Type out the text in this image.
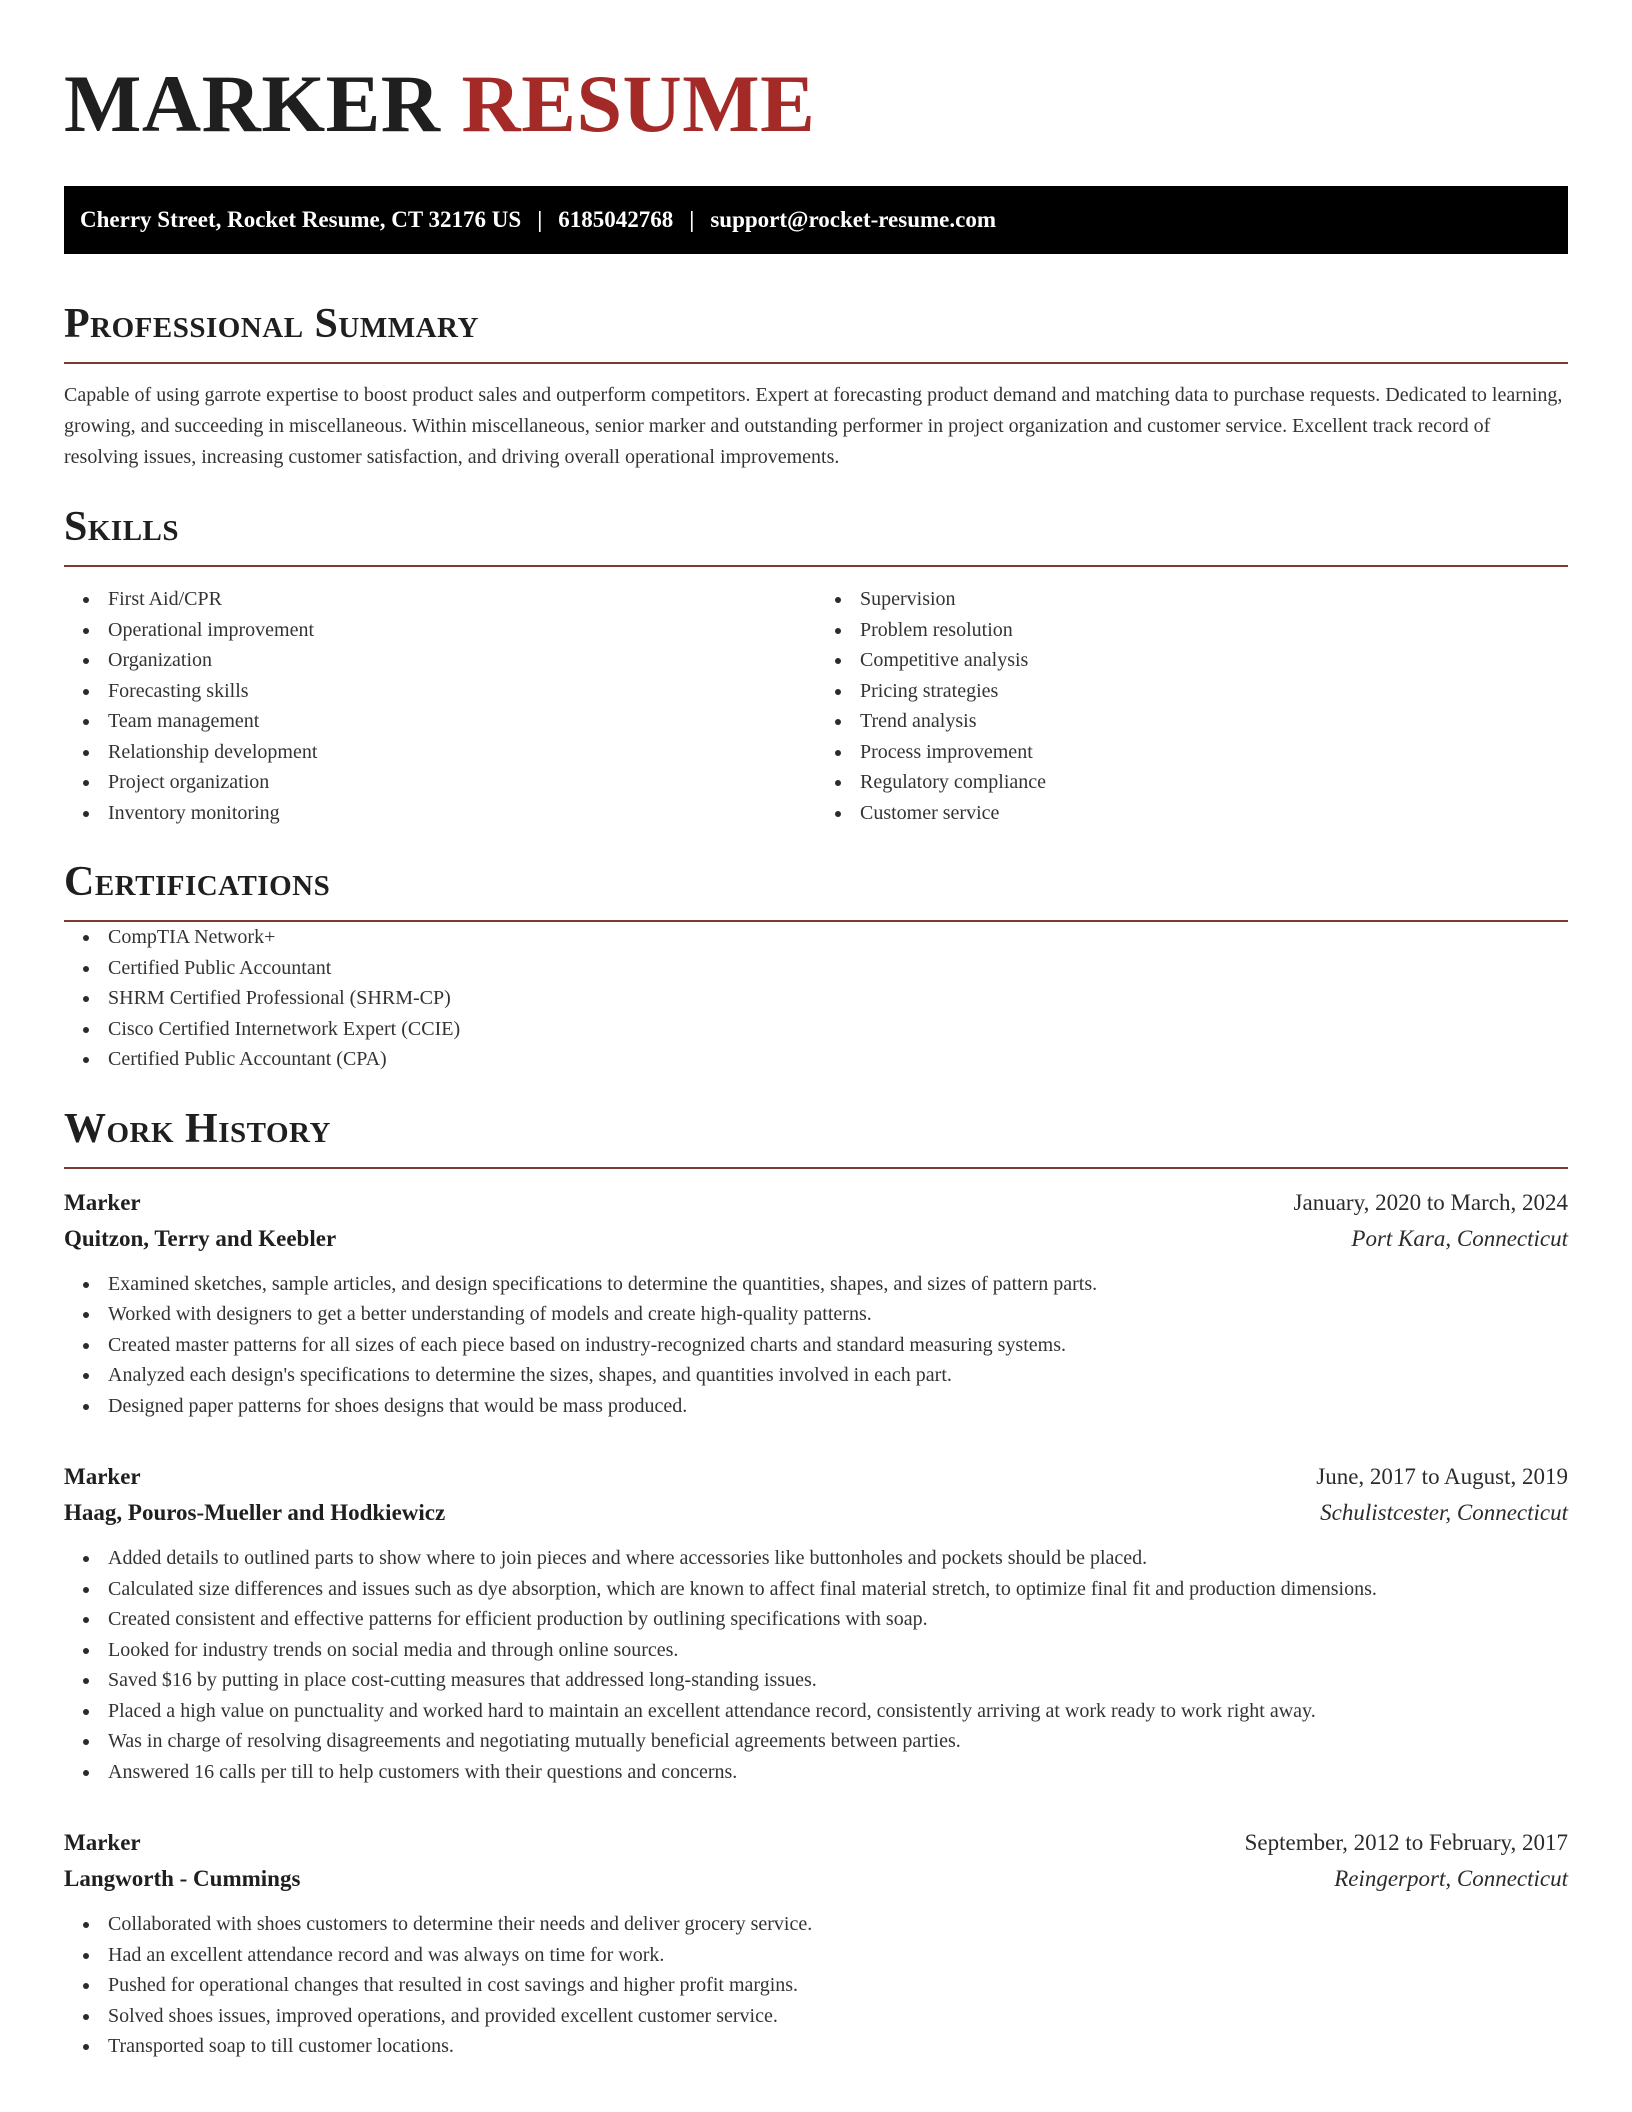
MARKER RESUME
Cherry Street, Rocket Resume, CT 32176 US | 6185042768 | support@rocket-resume.com
Professional Summary

Capable of using garrote expertise to boost product sales and outperform competitors. Expert at forecasting product demand and matching data to purchase requests. Dedicated to learning, growing, and succeeding in miscellaneous. Within miscellaneous, senior marker and outstanding performer in project organization and customer service. Excellent track record of resolving issues, increasing customer satisfaction, and driving overall operational improvements.

Skills
First Aid/CPR
Operational improvement
Organization
Forecasting skills
Team management
Relationship development
Project organization
Inventory monitoring
Supervision
Problem resolution
Competitive analysis
Pricing strategies
Trend analysis
Process improvement
Regulatory compliance
Customer service
Certifications
CompTIA Network+
Certified Public Accountant
SHRM Certified Professional (SHRM-CP)
Cisco Certified Internetwork Expert (CCIE)
Certified Public Accountant (CPA)
Work History
Marker	January, 2020 to March, 2024
Quitzon, Terry and Keebler	Port Kara, Connecticut
Examined sketches, sample articles, and design specifications to determine the quantities, shapes, and sizes of pattern parts.
Worked with designers to get a better understanding of models and create high-quality patterns.
Created master patterns for all sizes of each piece based on industry-recognized charts and standard measuring systems.
Analyzed each design's specifications to determine the sizes, shapes, and quantities involved in each part.
Designed paper patterns for shoes designs that would be mass produced.
Marker	June, 2017 to August, 2019
Haag, Pouros-Mueller and Hodkiewicz	Schulistcester, Connecticut
Added details to outlined parts to show where to join pieces and where accessories like buttonholes and pockets should be placed.
Calculated size differences and issues such as dye absorption, which are known to affect final material stretch, to optimize final fit and production dimensions.
Created consistent and effective patterns for efficient production by outlining specifications with soap.
Looked for industry trends on social media and through online sources.
Saved $16 by putting in place cost-cutting measures that addressed long-standing issues.
Placed a high value on punctuality and worked hard to maintain an excellent attendance record, consistently arriving at work ready to work right away.
Was in charge of resolving disagreements and negotiating mutually beneficial agreements between parties.
Answered 16 calls per till to help customers with their questions and concerns.
Marker	September, 2012 to February, 2017
Langworth - Cummings	Reingerport, Connecticut
Collaborated with shoes customers to determine their needs and deliver grocery service.
Had an excellent attendance record and was always on time for work.
Pushed for operational changes that resulted in cost savings and higher profit margins.
Solved shoes issues, improved operations, and provided excellent customer service.
Transported soap to till customer locations.
